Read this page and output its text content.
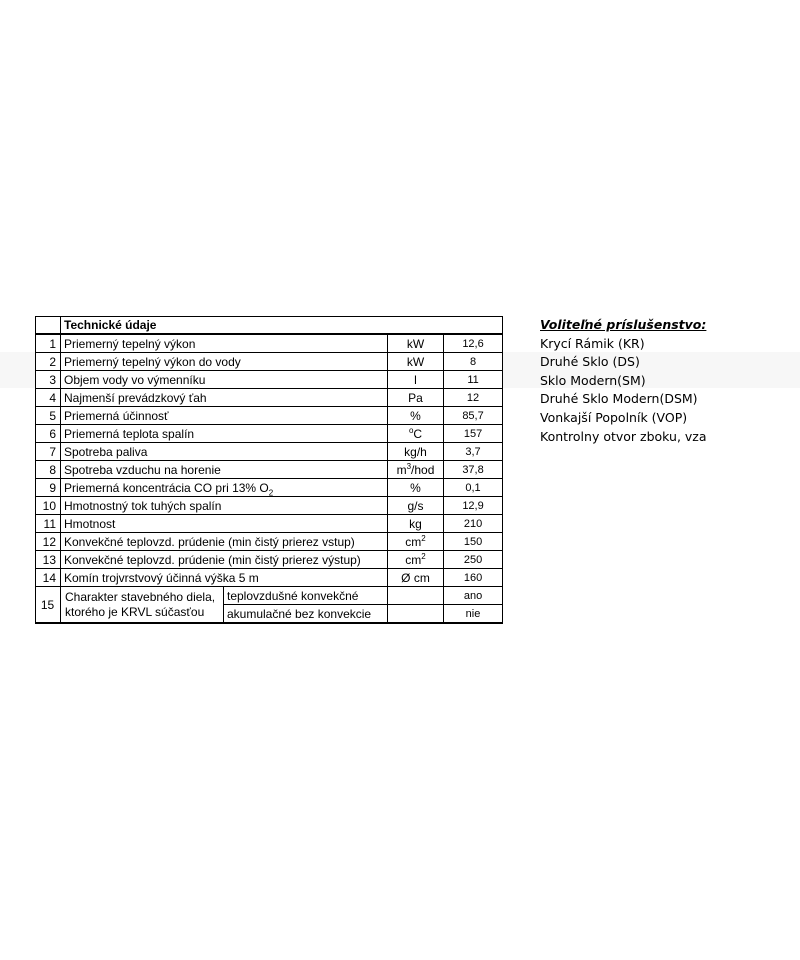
	Technické údaje			
1	Priemerný tepelný výkon		kW	12,6
2	Priemerný tepelný výkon do vody		kW	8
3	Objem vody vo výmenníku		l	11
4	Najmenší prevádzkový ťah		Pa	12
5	Priemerná účinnosť		%	85,7
6	Priemerná teplota spalín		$^o$C	157
7	Spotreba paliva		kg/h	3,7
8	Spotreba vzduchu na horenie		$m^3$/hod	37,8
9	Priemerná koncentrácia CO pri 13% $O_2$		%	0,1
10	Hmotnostný tok tuhých spalín		g/s	12,9
11	Hmotnost		kg	210
12	Konvekčné teplovzd. prúdenie (min čistý prierez vstup)		$cm^2$	150
13	Konvekčné teplovzd. prúdenie (min čistý prierez výstup)		$cm^2$	250
14	Komín trojvrstvový účinná výška 5 m		Ø cm	160
15	Charakter stavebného diela,
ktorého je KRVL súčasťou	teplovzdušné konvekčné		ano
		akumulačné bez konvekcie		nie
Voliteľné príslušenstvo:
Krycí Rámik (KR)
Druhé Sklo (DS)
Sklo Modern(SM)
Druhé Sklo Modern(DSM)
Vonkajší Popolník (VOP)
Kontrolny otvor zboku, vza
